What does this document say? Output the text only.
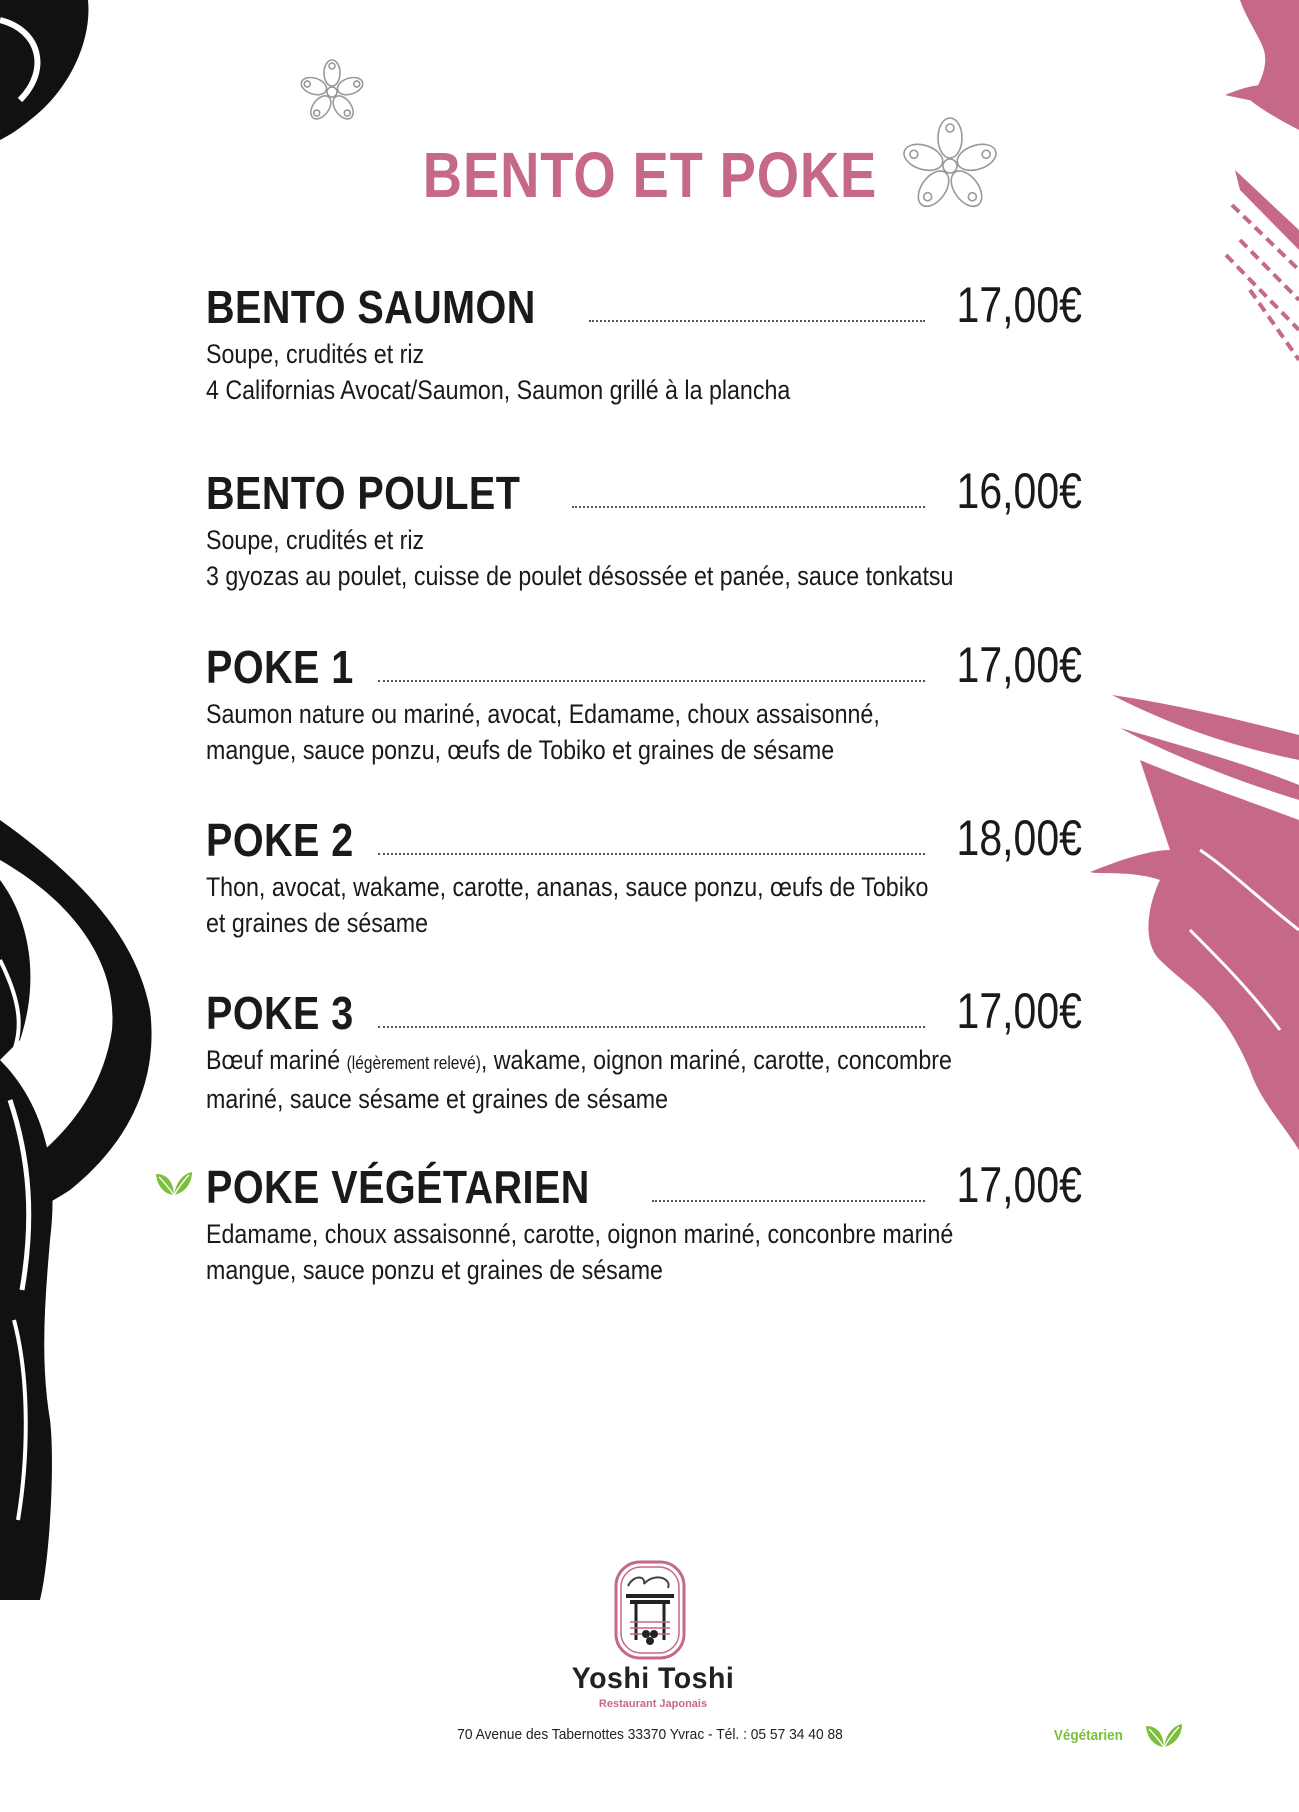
BENTO ET POKE
BENTO SAUMON	17,00€
Soupe, crudités et riz
4 Californias Avocat/Saumon, Saumon grillé à la plancha
BENTO POULET	16,00€
Soupe, crudités et riz
3 gyozas au poulet, cuisse de poulet désossée et panée, sauce tonkatsu
POKE 1	17,00€
Saumon nature ou mariné, avocat, Edamame, choux assaisonné,
mangue, sauce ponzu, œufs de Tobiko et graines de sésame
POKE 2	18,00€
Thon, avocat, wakame, carotte, ananas, sauce ponzu, œufs de Tobiko
et graines de sésame
POKE 3	17,00€
Bœuf mariné (légèrement relevé), wakame, oignon mariné, carotte, concombre
mariné, sauce sésame et graines de sésame
POKE VÉGÉTARIEN	17,00€
Edamame, choux assaisonné, carotte, oignon mariné, conconbre mariné
mangue, sauce ponzu et graines de sésame
Yoshi Toshi
Restaurant Japonais
70 Avenue des Tabernottes 33370 Yvrac - Tél. : 05 57 34 40 88	Végétarien
